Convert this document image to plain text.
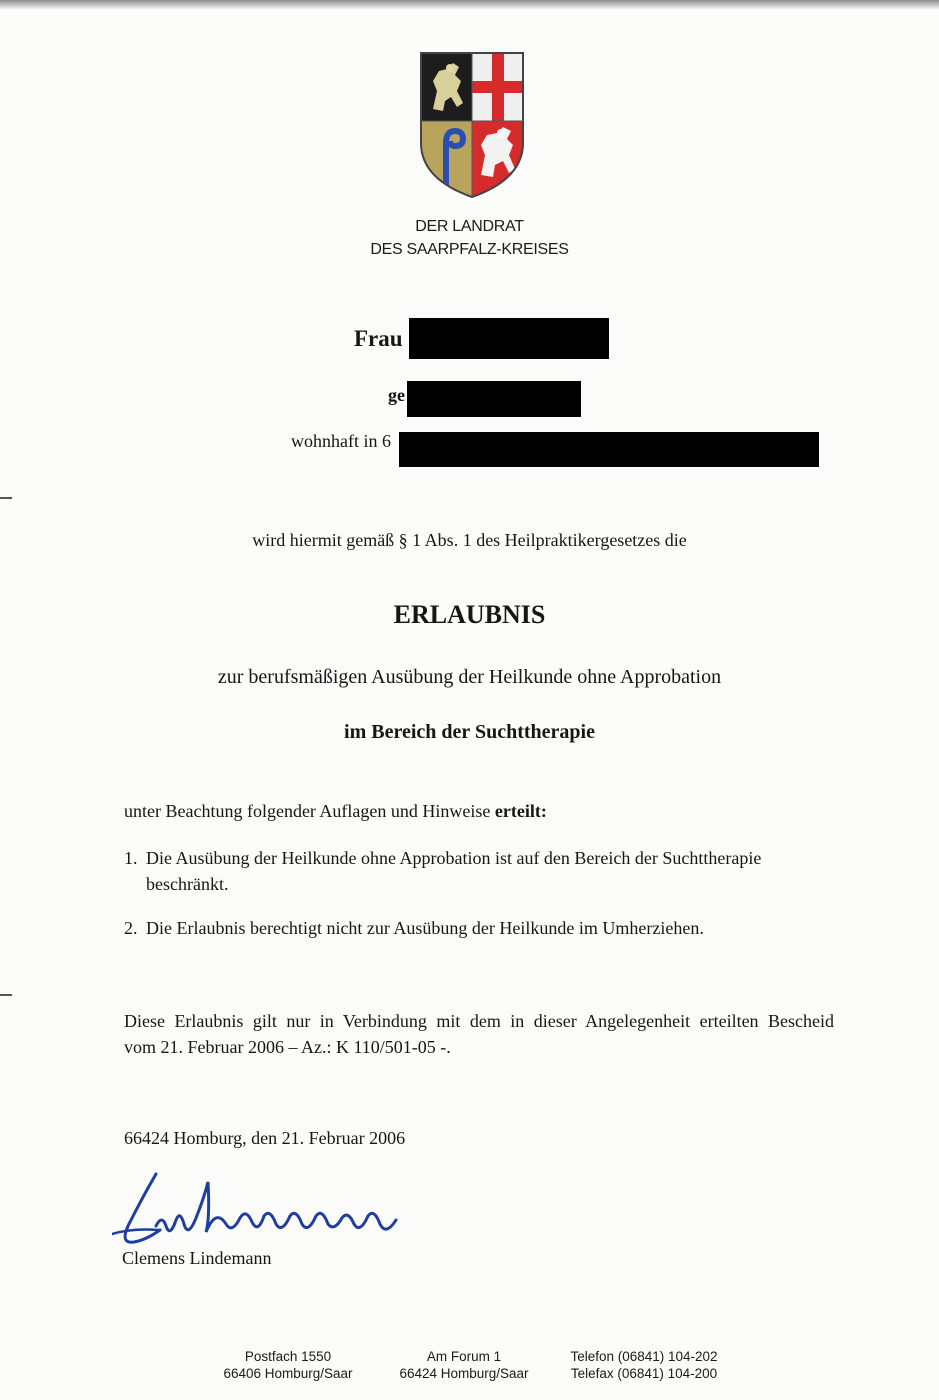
DER LANDRAT
DES SAARPFALZ-KREISES
Frau
ge
wohnhaft in 6
wird hiermit gemäß § 1 Abs. 1 des Heilpraktikergesetzes die
ERLAUBNIS
zur berufsmäßigen Ausübung der Heilkunde ohne Approbation
im Bereich der Suchttherapie
unter Beachtung folgender Auflagen und Hinweise erteilt:
1. Die Ausübung der Heilkunde ohne Approbation ist auf den Bereich der Suchttherapie beschränkt.
2. Die Erlaubnis berechtigt nicht zur Ausübung der Heilkunde im Umherziehen.
Diese Erlaubnis gilt nur in Verbindung mit dem in dieser Angelegenheit erteilten Bescheid
vom 21. Februar 2006 – Az.: K 110/501-05 -.
66424 Homburg, den 21. Februar 2006
Clemens Lindemann
Postfach 1550
66406 Homburg/Saar
Am Forum 1
66424 Homburg/Saar
Telefon (06841) 104-202
Telefax (06841) 104-200
